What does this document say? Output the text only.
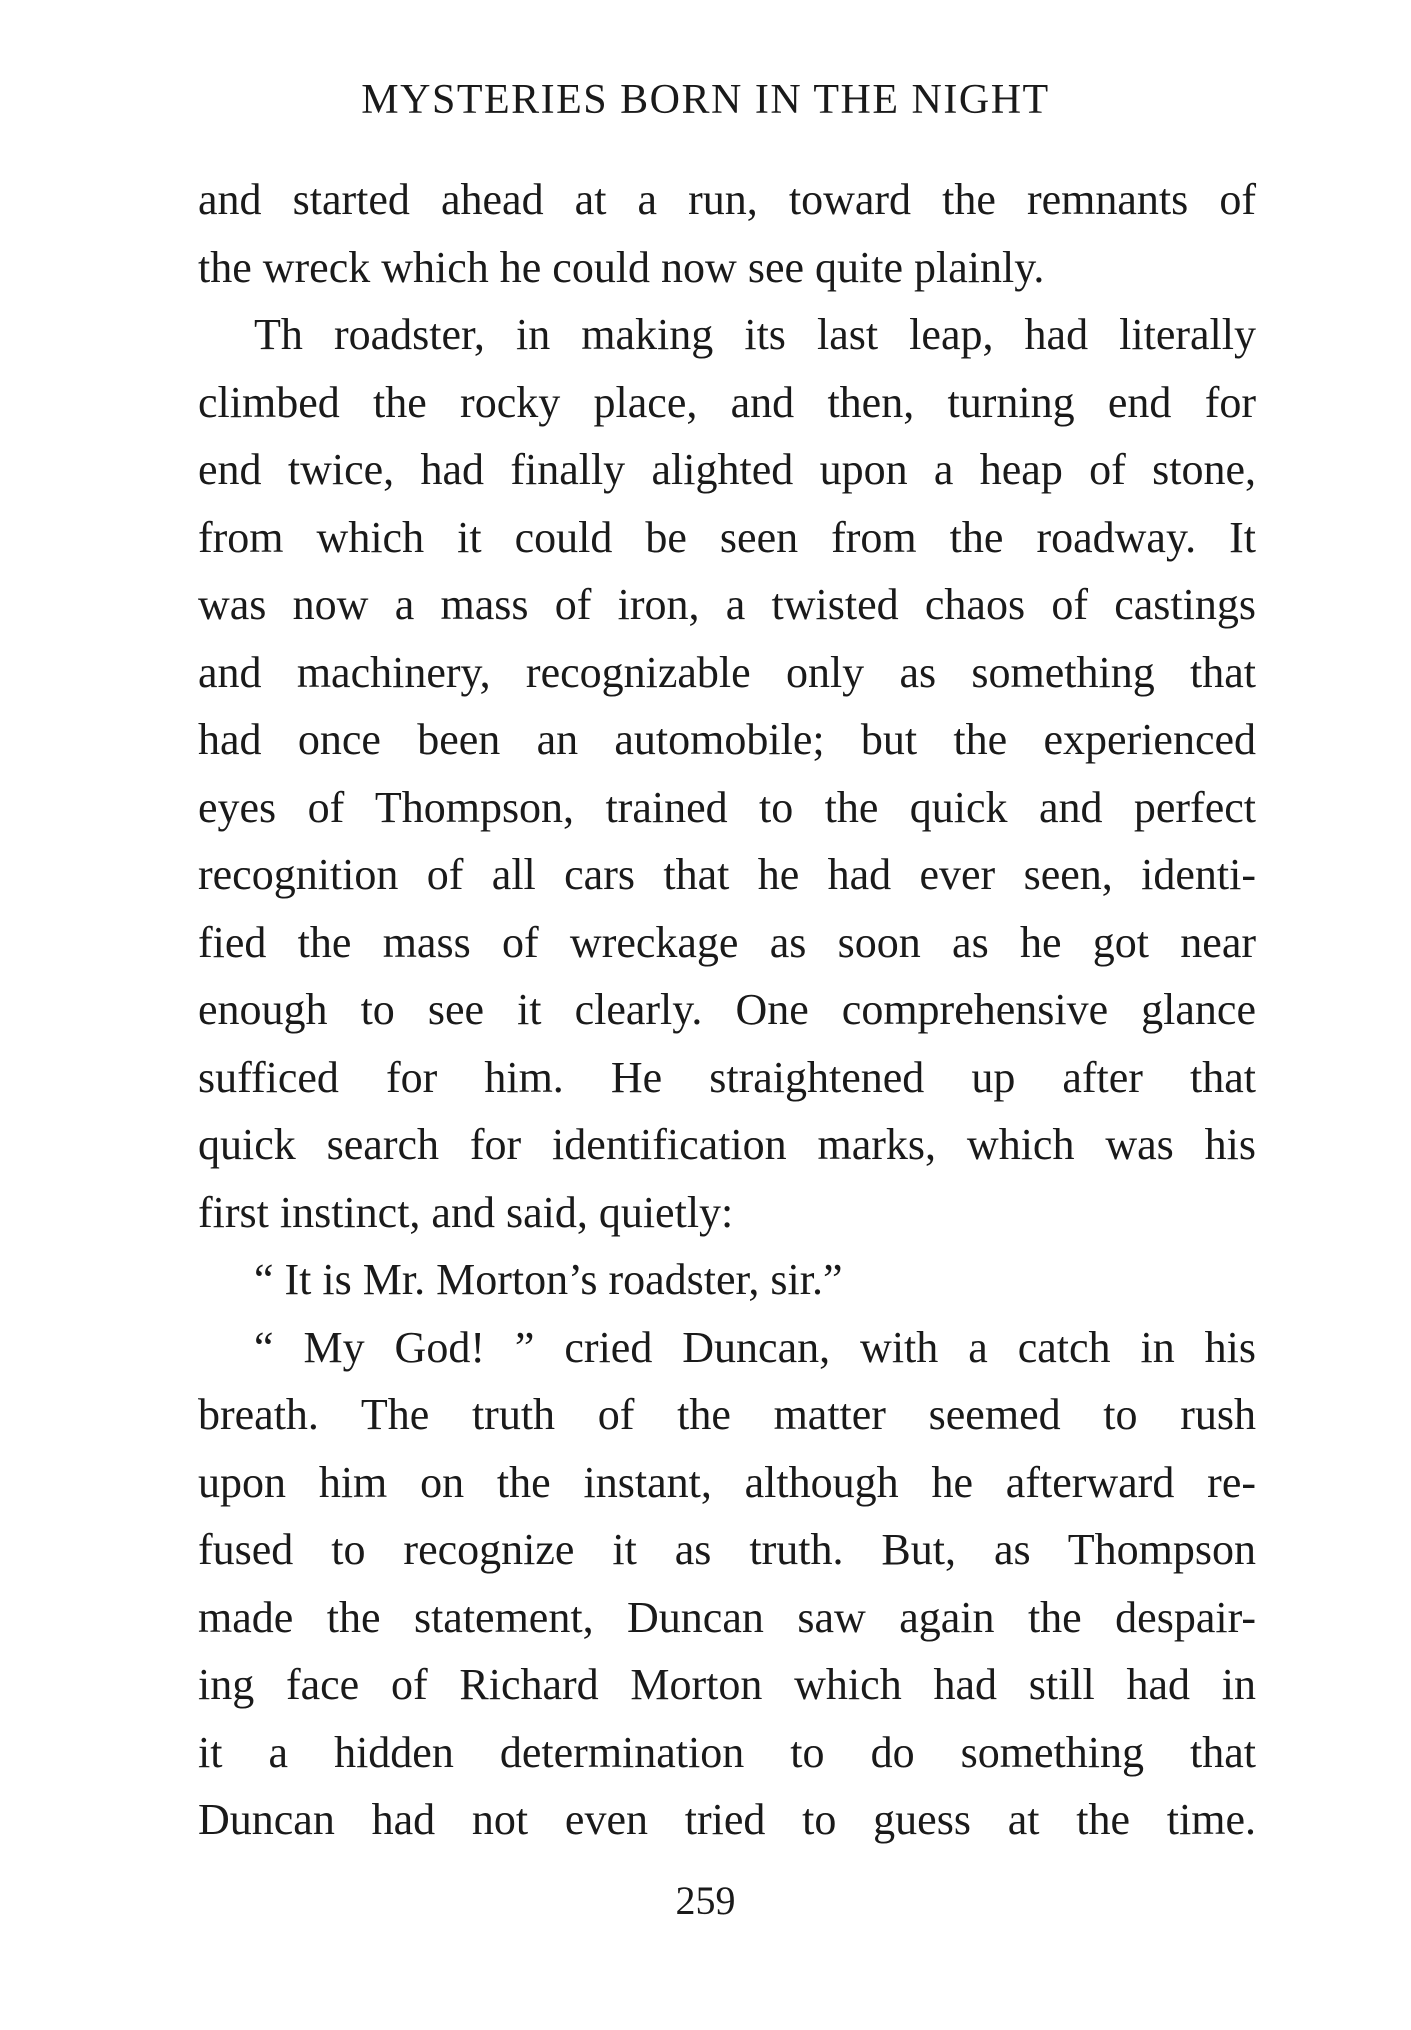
MYSTERIES BORN IN THE NIGHT
and started ahead at a run, toward the remnants of
the wreck which he could now see quite plainly.
Th roadster, in making its last leap, had literally
climbed the rocky place, and then, turning end for
end twice, had finally alighted upon a heap of stone,
from which it could be seen from the roadway. It
was now a mass of iron, a twisted chaos of castings
and machinery, recognizable only as something that
had once been an automobile; but the experienced
eyes of Thompson, trained to the quick and perfect
recognition of all cars that he had ever seen, identi-
fied the mass of wreckage as soon as he got near
enough to see it clearly. One comprehensive glance
sufficed for him. He straightened up after that
quick search for identification marks, which was his
first instinct, and said, quietly:
“ It is Mr. Morton’s roadster, sir.”
“ My God! ” cried Duncan, with a catch in his
breath. The truth of the matter seemed to rush
upon him on the instant, although he afterward re-
fused to recognize it as truth. But, as Thompson
made the statement, Duncan saw again the despair-
ing face of Richard Morton which had still had in
it a hidden determination to do something that
Duncan had not even tried to guess at the time.
259
